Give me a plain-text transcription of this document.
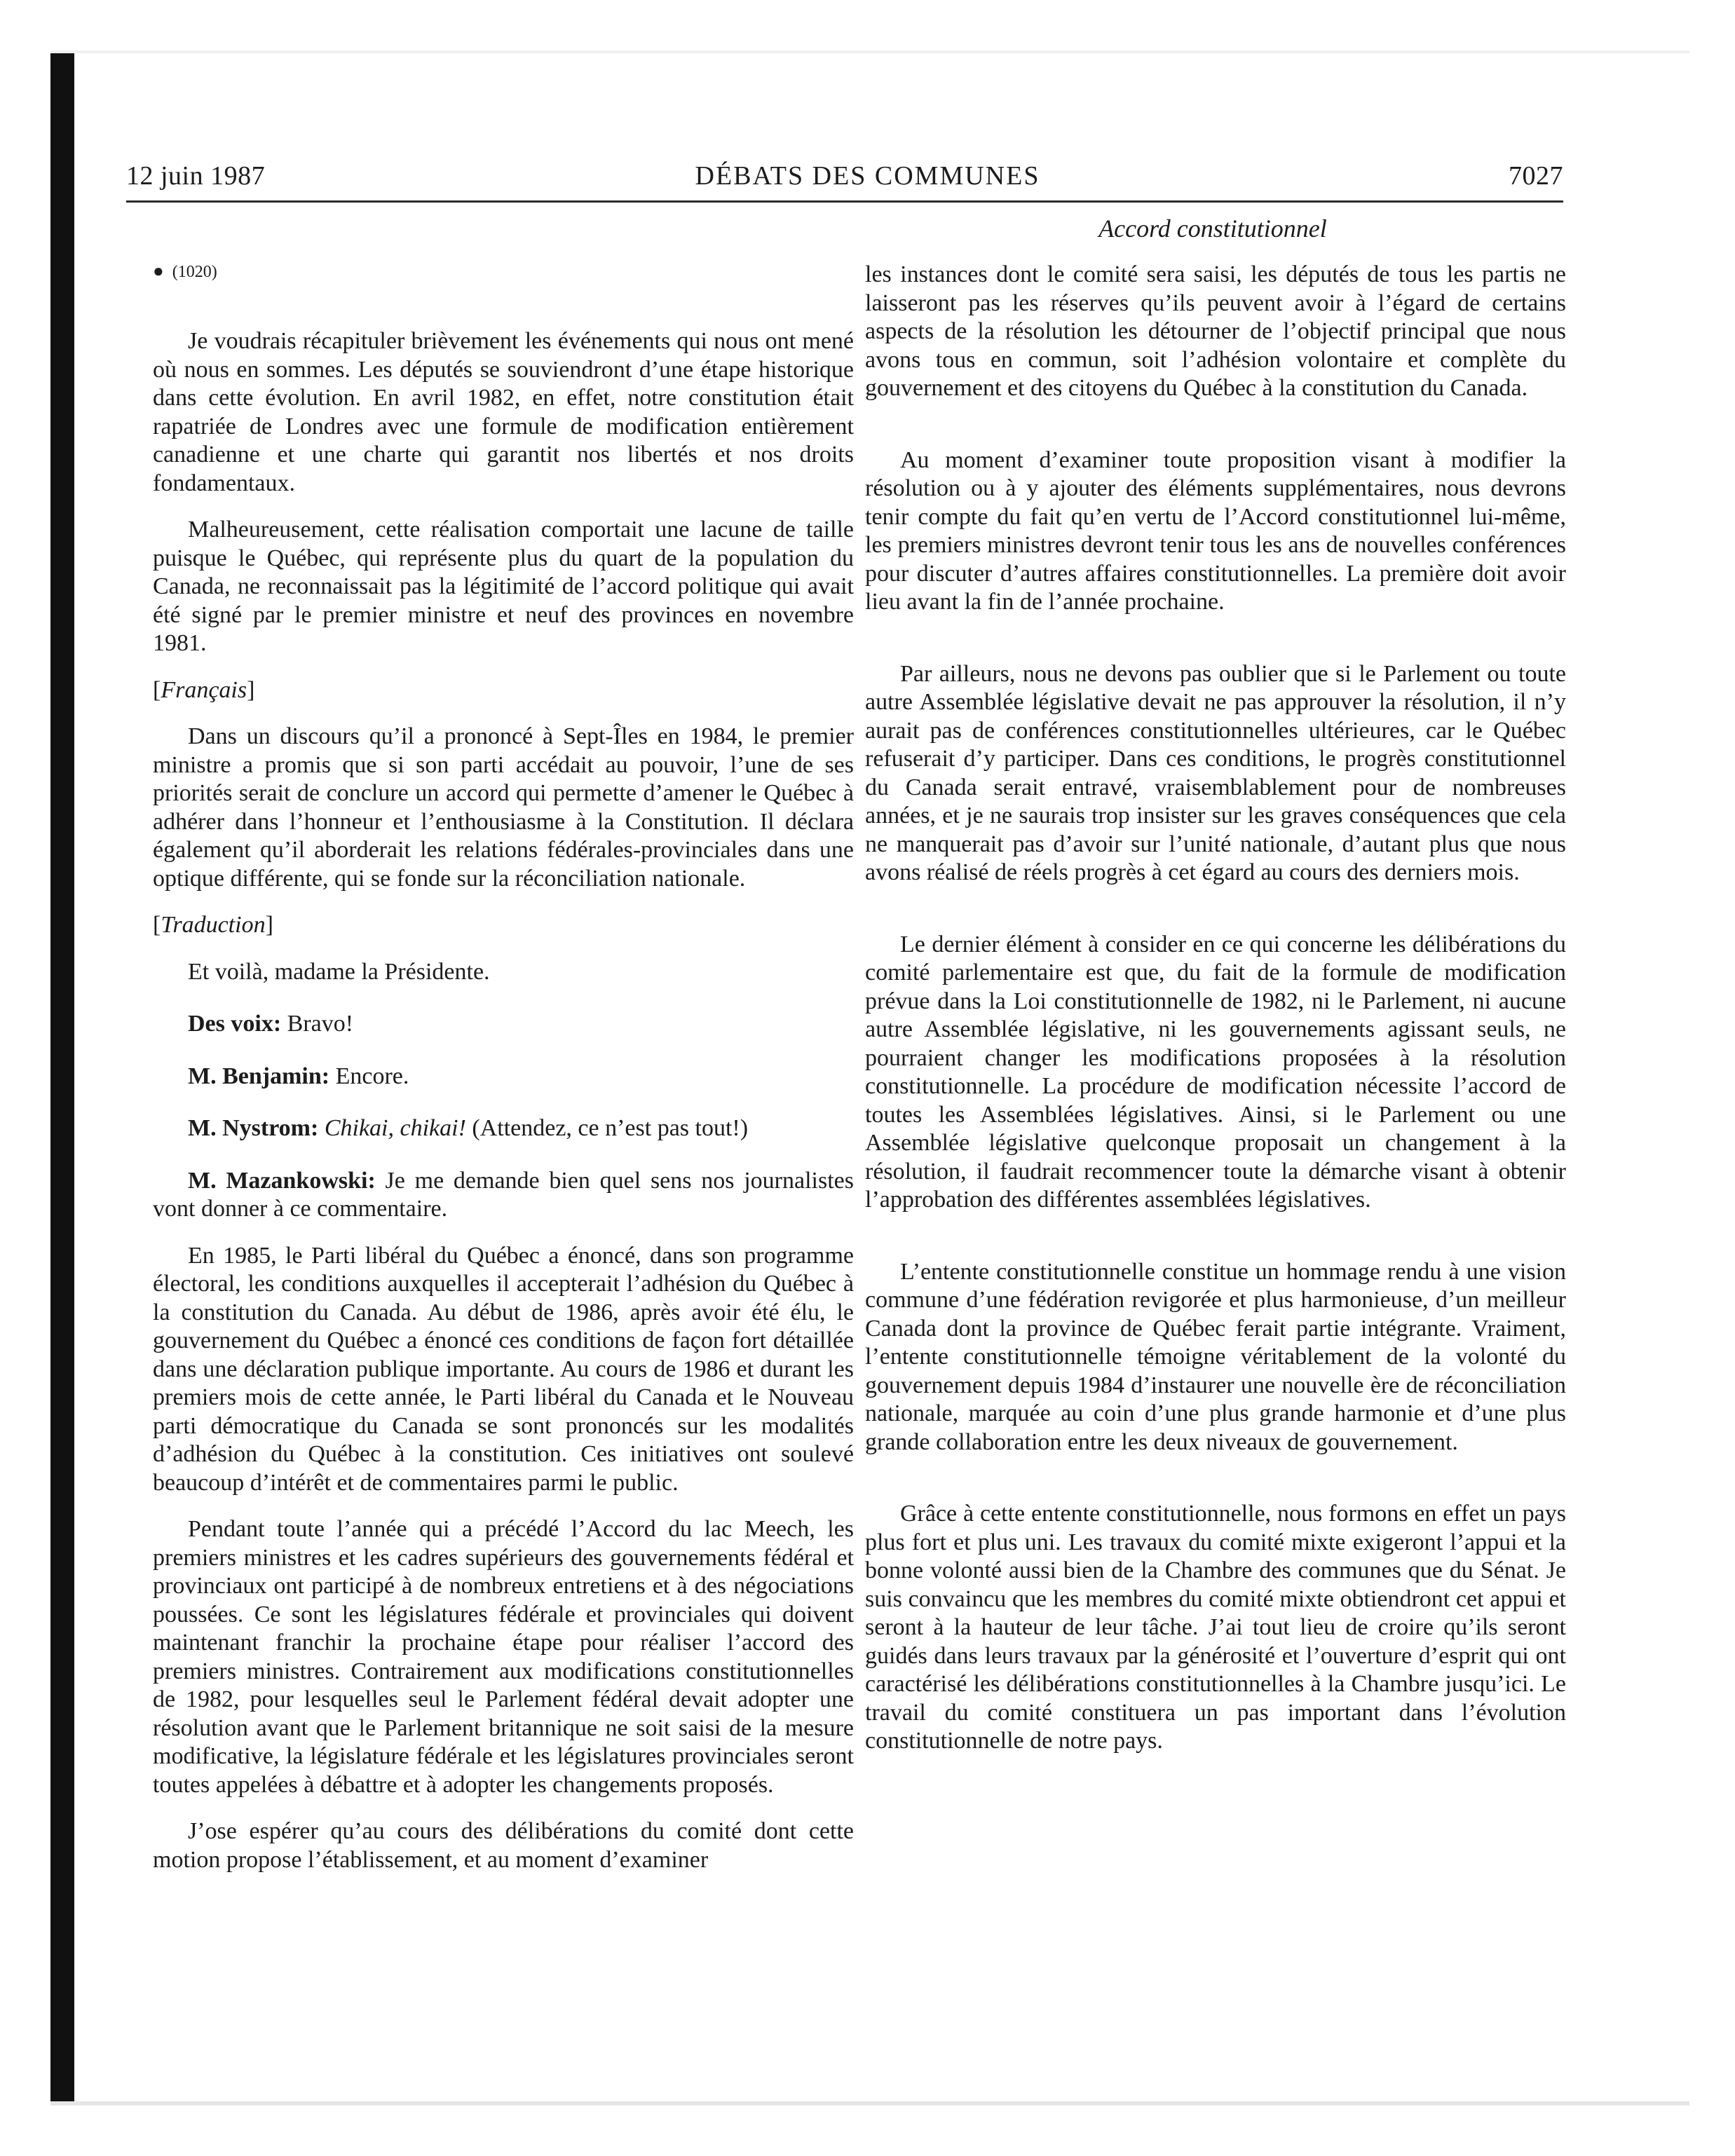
12 juin 1987	DÉBATS DES COMMUNES	7027
Accord constitutionnel

● (1020)

Je voudrais récapituler brièvement les événements qui nous ont mené où nous en sommes. Les députés se souviendront d’une étape historique dans cette évolution. En avril 1982, en effet, notre constitution était rapatriée de Londres avec une formule de modification entièrement canadienne et une charte qui garantit nos libertés et nos droits fondamentaux.

Malheureusement, cette réalisation comportait une lacune de taille puisque le Québec, qui représente plus du quart de la population du Canada, ne reconnaissait pas la légitimité de l’accord politique qui avait été signé par le premier ministre et neuf des provinces en novembre 1981.

[Français]

Dans un discours qu’il a prononcé à Sept-Îles en 1984, le premier ministre a promis que si son parti accédait au pouvoir, l’une de ses priorités serait de conclure un accord qui permette d’amener le Québec à adhérer dans l’honneur et l’enthousiasme à la Constitution. Il déclara également qu’il aborderait les relations fédérales-provinciales dans une optique différente, qui se fonde sur la réconciliation nationale.

[Traduction]

Et voilà, madame la Présidente.

Des voix: Bravo!

M. Benjamin: Encore.

M. Nystrom: Chikai, chikai! (Attendez, ce n’est pas tout!)

M. Mazankowski: Je me demande bien quel sens nos journalistes vont donner à ce commentaire.

En 1985, le Parti libéral du Québec a énoncé, dans son programme électoral, les conditions auxquelles il accepterait l’adhésion du Québec à la constitution du Canada. Au début de 1986, après avoir été élu, le gouvernement du Québec a énoncé ces conditions de façon fort détaillée dans une déclaration publique importante. Au cours de 1986 et durant les premiers mois de cette année, le Parti libéral du Canada et le Nouveau parti démocratique du Canada se sont prononcés sur les modalités d’adhésion du Québec à la constitution. Ces initiatives ont soulevé beaucoup d’intérêt et de commentaires parmi le public.

Pendant toute l’année qui a précédé l’Accord du lac Meech, les premiers ministres et les cadres supérieurs des gouvernements fédéral et provinciaux ont participé à de nombreux entretiens et à des négociations poussées. Ce sont les législatures fédérale et provinciales qui doivent maintenant franchir la prochaine étape pour réaliser l’accord des premiers ministres. Contrairement aux modifications constitutionnelles de 1982, pour lesquelles seul le Parlement fédéral devait adopter une résolution avant que le Parlement britannique ne soit saisi de la mesure modificative, la législature fédérale et les législatures provinciales seront toutes appelées à débattre et à adopter les changements proposés.

J’ose espérer qu’au cours des délibérations du comité dont cette motion propose l’établissement, et au moment d’examiner

les instances dont le comité sera saisi, les députés de tous les partis ne laisseront pas les réserves qu’ils peuvent avoir à l’égard de certains aspects de la résolution les détourner de l’objectif principal que nous avons tous en commun, soit l’adhésion volontaire et complète du gouvernement et des citoyens du Québec à la constitution du Canada.

Au moment d’examiner toute proposition visant à modifier la résolution ou à y ajouter des éléments supplémentaires, nous devrons tenir compte du fait qu’en vertu de l’Accord constitutionnel lui-même, les premiers ministres devront tenir tous les ans de nouvelles conférences pour discuter d’autres affaires constitutionnelles. La première doit avoir lieu avant la fin de l’année prochaine.

Par ailleurs, nous ne devons pas oublier que si le Parlement ou toute autre Assemblée législative devait ne pas approuver la résolution, il n’y aurait pas de conférences constitutionnelles ultérieures, car le Québec refuserait d’y participer. Dans ces conditions, le progrès constitutionnel du Canada serait entravé, vraisemblablement pour de nombreuses années, et je ne saurais trop insister sur les graves conséquences que cela ne manquerait pas d’avoir sur l’unité nationale, d’autant plus que nous avons réalisé de réels progrès à cet égard au cours des derniers mois.

Le dernier élément à consider en ce qui concerne les délibérations du comité parlementaire est que, du fait de la formule de modification prévue dans la Loi constitutionnelle de 1982, ni le Parlement, ni aucune autre Assemblée législative, ni les gouvernements agissant seuls, ne pourraient changer les modifications proposées à la résolution constitutionnelle. La procédure de modification nécessite l’accord de toutes les Assemblées législatives. Ainsi, si le Parlement ou une Assemblée législative quelconque proposait un changement à la résolution, il faudrait recommencer toute la démarche visant à obtenir l’approbation des différentes assemblées législatives.

L’entente constitutionnelle constitue un hommage rendu à une vision commune d’une fédération revigorée et plus harmonieuse, d’un meilleur Canada dont la province de Québec ferait partie intégrante. Vraiment, l’entente constitutionnelle témoigne véritablement de la volonté du gouvernement depuis 1984 d’instaurer une nouvelle ère de réconciliation nationale, marquée au coin d’une plus grande harmonie et d’une plus grande collaboration entre les deux niveaux de gouvernement.

Grâce à cette entente constitutionnelle, nous formons en effet un pays plus fort et plus uni. Les travaux du comité mixte exigeront l’appui et la bonne volonté aussi bien de la Chambre des communes que du Sénat. Je suis convaincu que les membres du comité mixte obtiendront cet appui et seront à la hauteur de leur tâche. J’ai tout lieu de croire qu’ils seront guidés dans leurs travaux par la générosité et l’ouverture d’esprit qui ont caractérisé les délibérations constitutionnelles à la Chambre jusqu’ici. Le travail du comité constituera un pas important dans l’évolution constitutionnelle de notre pays.
